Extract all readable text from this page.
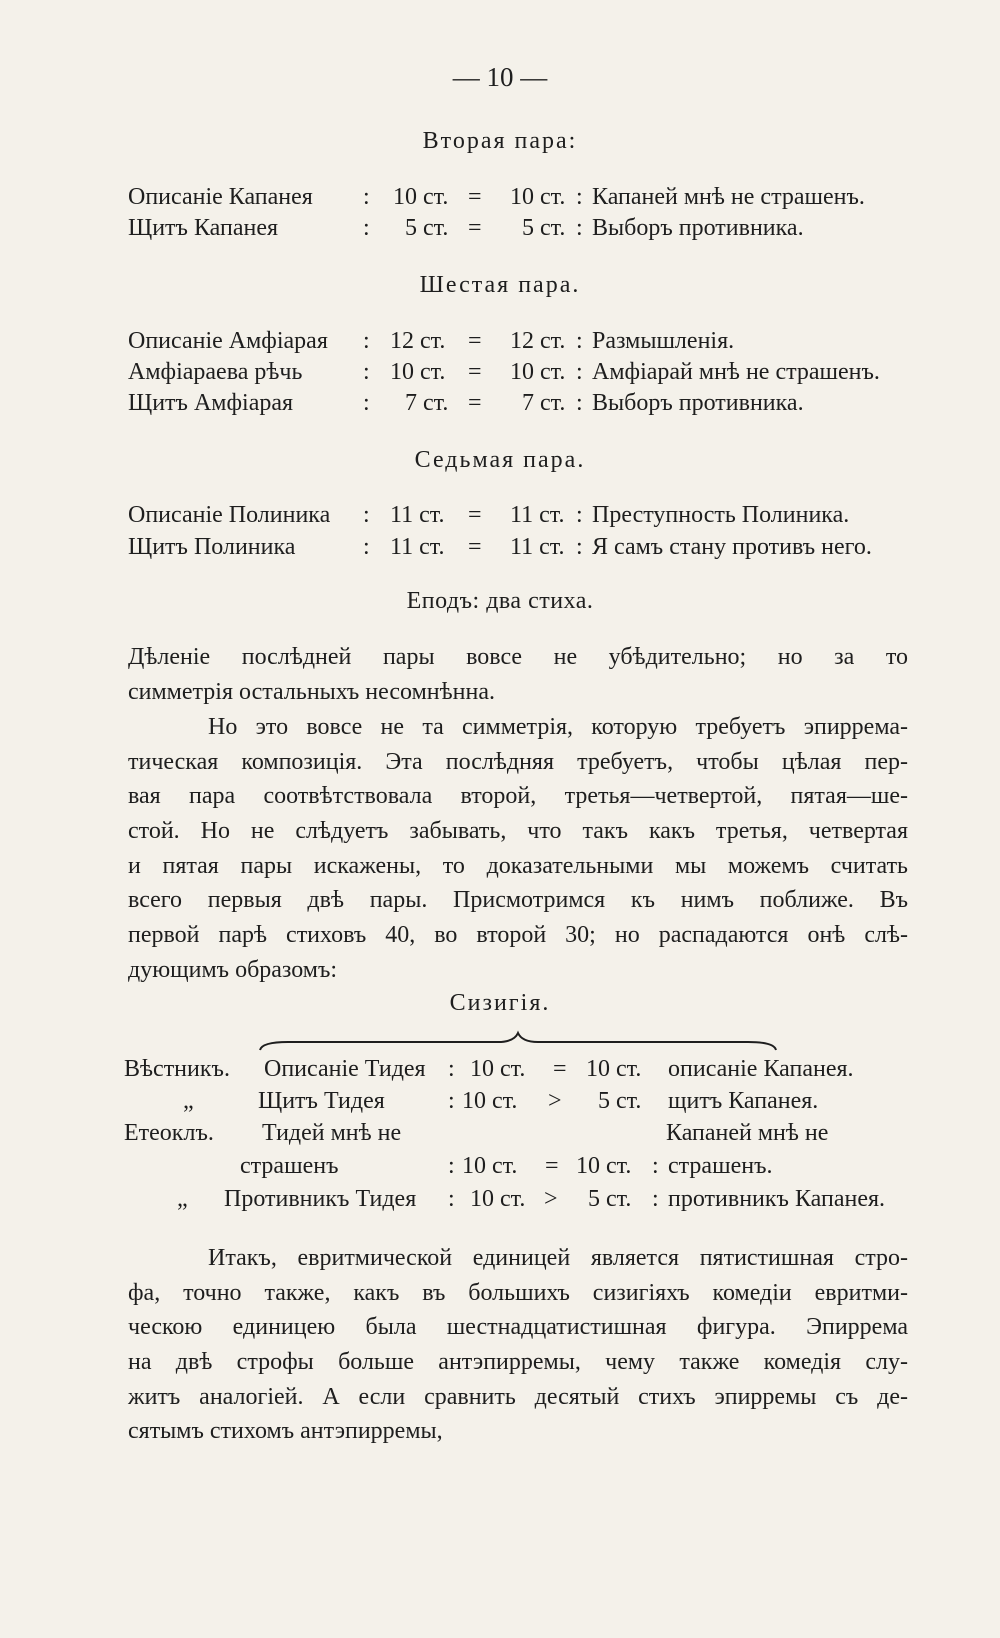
— 10 —
Вторая пара:
Описаніе Капанея : 10 ст. = 10 ст. : Капаней мнѣ не страшенъ.
Щитъ Капанея	: 5 ст. = 5 ст. : Выборъ противника.
Шестая пара.
Описаніе Амфіарая : 12 ст. = 12 ст. : Размышленія.
Амфіараева рѣчь	: 10 ст. = 10 ст. : Амфіарай мнѣ не страшенъ.
Щитъ Амфіарая	: 7 ст. = 7 ст. : Выборъ противника.
Седьмая пара.
Описаніе Полиника : 11 ст. = 11 ст. : Преступность Полиника.
Щитъ Полиника	: 11 ст. = 11 ст. : Я самъ стану противъ него.
Еподъ: два стиха.
Дѣленіе послѣдней пары вовсе не убѣдительно; но за то
симметрія остальныхъ несомнѣнна.
Но это вовсе не та симметрія, которую требуетъ эпиррема-
тическая композиція. Эта послѣдняя требуетъ, чтобы цѣлая пер-
вая пара соотвѣтствовала второй, третья—четвертой, пятая—ше-
стой. Но не слѣдуетъ забывать, что такъ какъ третья, четвертая
и пятая пары искажены, то доказательными мы можемъ считать
всего первыя двѣ пары. Присмотримся къ нимъ поближе. Въ
первой парѣ стиховъ 40, во второй 30; но распадаются онѣ слѣ-
дующимъ образомъ:
Сизигія.
Вѣстникъ. Описаніе Тидея : 10 ст. = 10 ст. описаніе Капанея.
„	Щитъ Тидея	: 10 ст. > 5 ст. щитъ Капанея.
Етеоклъ. Тидей мнѣ не	Капаней мнѣ не
страшенъ	: 10 ст. = 10 ст. : страшенъ.
„ Противникъ Тидея : 10 ст. > 5 ст. : противникъ Капанея.
Итакъ, евритмической единицей является пятистишная стро-
фа, точно также, какъ въ большихъ сизигіяхъ комедіи евритми-
ческою единицею была шестнадцатистишная фигура. Эпиррема
на двѣ строфы больше антэпирремы, чему также комедія слу-
житъ аналогіей. А если сравнить десятый стихъ эпирремы съ де-
сятымъ стихомъ антэпирремы,
